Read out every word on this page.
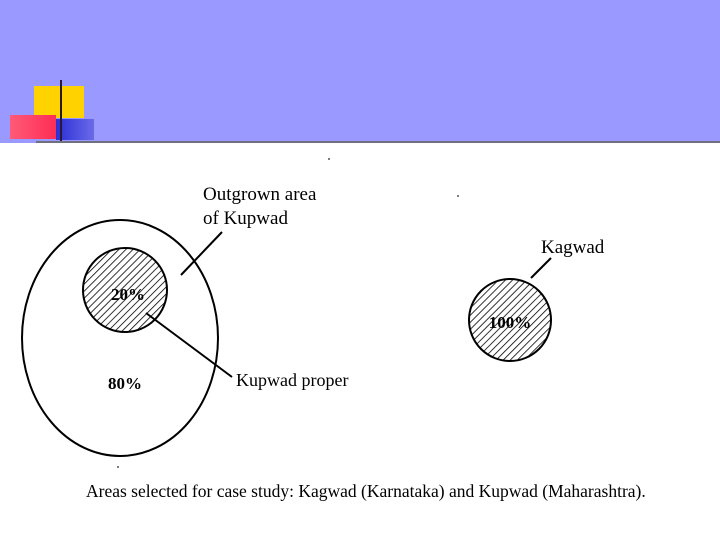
Outgrown area
of Kupwad
20%
80%	Kupwad proper
Kagwad
100%
Areas selected for case study: Kagwad (Karnataka) and Kupwad (Maharashtra).
